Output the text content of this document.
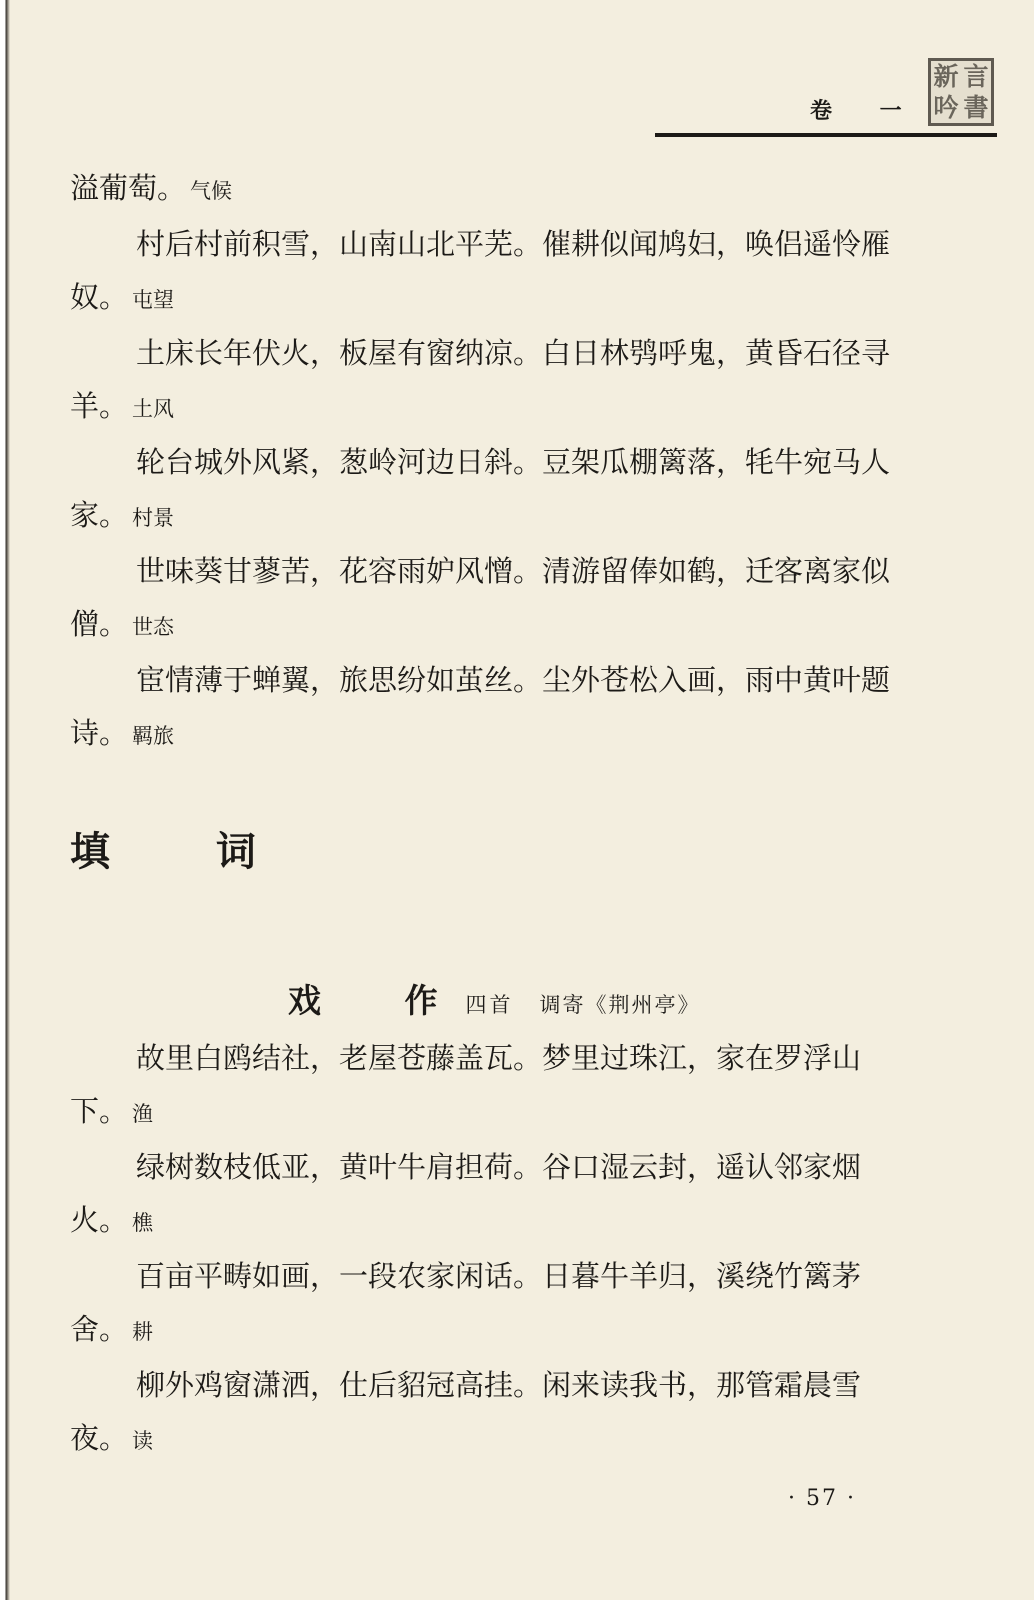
卷 一
新 言
吟 書

溢葡萄。 气候

村后村前积雪，山南山北平芜。催耕似闻鸠妇，唤侣遥怜雁奴。 屯望

土床长年伏火，板屋有窗纳凉。白日林鸮呼鬼，黄昏石径寻羊。 土风

轮台城外风紧，葱岭河边日斜。豆架瓜棚篱落，牦牛宛马人家。 村景

世味葵甘蓼苦，花容雨妒风憎。清游留俸如鹤，迁客离家似僧。 世态

宦情薄于蝉翼，旅思纷如茧丝。尘外苍松入画，雨中黄叶题诗。 羁旅

填 词
戏 作四首 调寄《荆州亭》

故里白鸥结社，老屋苍藤盖瓦。梦里过珠江，家在罗浮山下。 渔

绿树数枝低亚，黄叶牛肩担荷。谷口湿云封，遥认邻家烟火。 樵

百亩平畴如画，一段农家闲话。日暮牛羊归，溪绕竹篱茅舍。 耕

柳外鸡窗潇洒，仕后貂冠高挂。闲来读我书，那管霜晨雪夜。 读

· 57 ·
